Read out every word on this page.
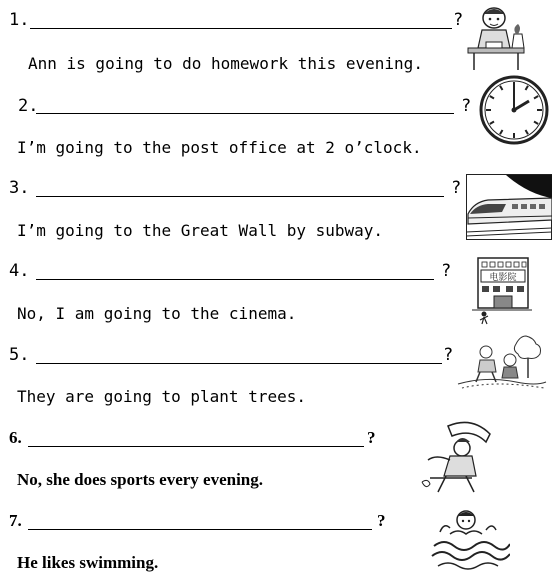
1.	?
Ann is going to do homework this evening.
2.	?
I’m going to the post office at 2 o’clock.
3.	?
I’m going to the Great Wall by subway.
4.	?
No, I am going to the cinema.
电影院
5.	?
They are going to plant trees.
6.	?
No, she does sports every evening.
7.	?
He likes swimming.
